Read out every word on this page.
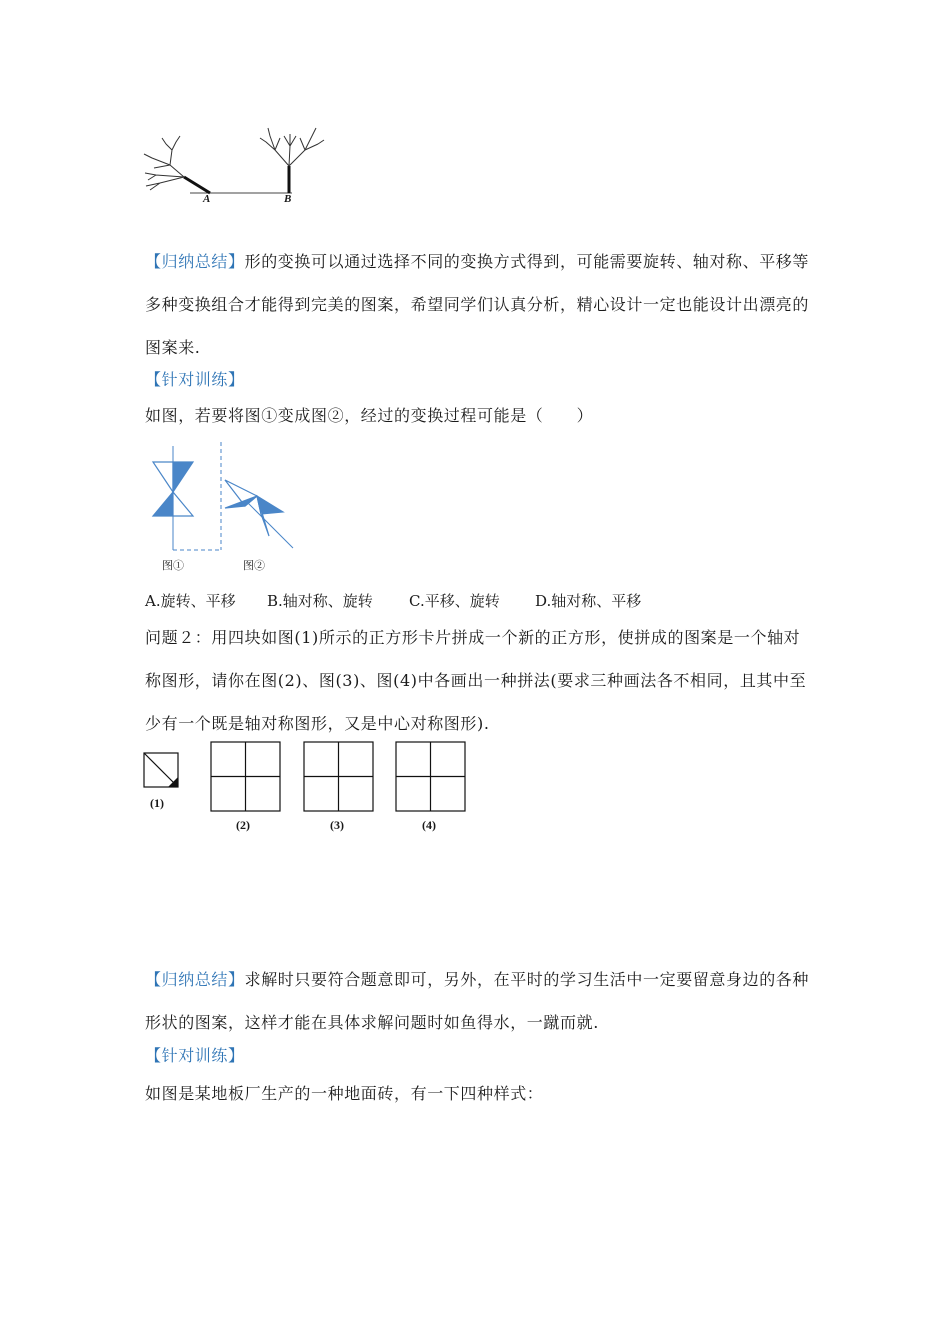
A	B
【归纳总结】形的变换可以通过选择不同的变换方式得到，可能需要旋转、轴对称、平移等多种变换组合才能得到完美的图案，希望同学们认真分析，精心设计一定也能设计出漂亮的图案来.
【针对训练】
如图，若要将图①变成图②，经过的变换过程可能是（　　）
图①	图②
A.旋转、平移 B.轴对称、旋转 C.平移、旋转 D.轴对称、平移
问题２：用四块如图(1)所示的正方形卡片拼成一个新的正方形，使拼成的图案是一个轴对称图形，请你在图(2)、图(3)、图(4)中各画出一种拼法(要求三种画法各不相同，且其中至少有一个既是轴对称图形，又是中心对称图形).
(1)
(2)	(3)	(4)
【归纳总结】求解时只要符合题意即可，另外，在平时的学习生活中一定要留意身边的各种形状的图案，这样才能在具体求解问题时如鱼得水，一蹴而就.
【针对训练】
如图是某地板厂生产的一种地面砖，有一下四种样式：
